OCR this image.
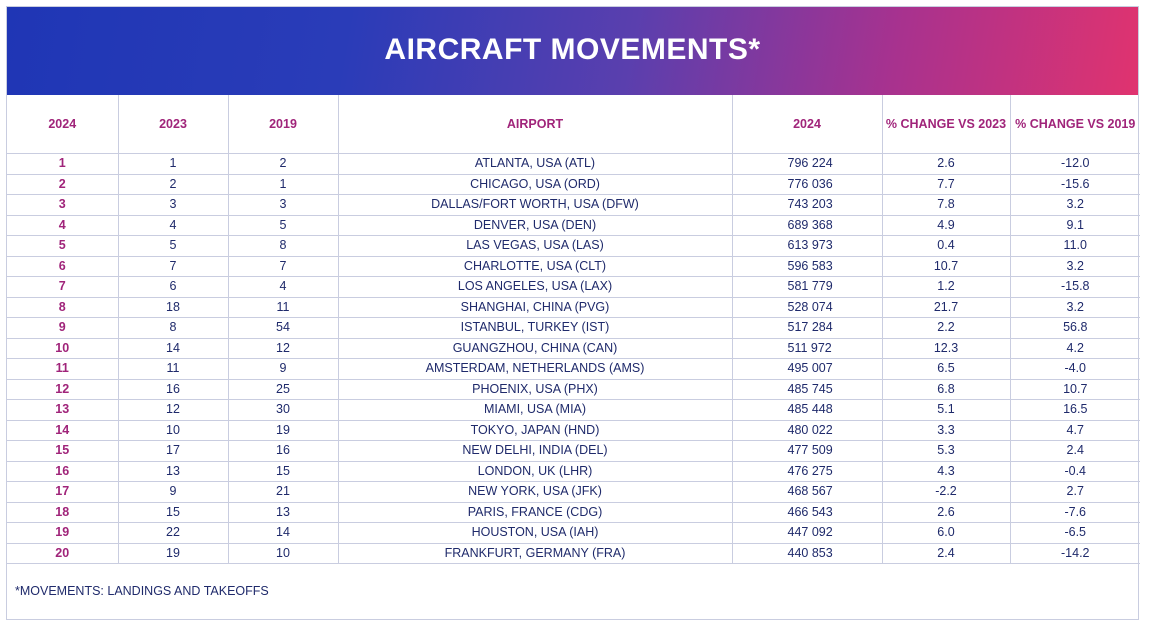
AIRCRAFT MOVEMENTS*
2024	2023	2019	AIRPORT	2024	% CHANGE VS 2023	% CHANGE VS 2019
1	1	2	ATLANTA, USA (ATL)	796 224	2.6	-12.0
2	2	1	CHICAGO, USA (ORD)	776 036	7.7	-15.6
3	3	3	DALLAS/FORT WORTH, USA (DFW)	743 203	7.8	3.2
4	4	5	DENVER, USA (DEN)	689 368	4.9	9.1
5	5	8	LAS VEGAS, USA (LAS)	613 973	0.4	11.0
6	7	7	CHARLOTTE, USA (CLT)	596 583	10.7	3.2
7	6	4	LOS ANGELES, USA (LAX)	581 779	1.2	-15.8
8	18	11	SHANGHAI, CHINA (PVG)	528 074	21.7	3.2
9	8	54	ISTANBUL, TURKEY (IST)	517 284	2.2	56.8
10	14	12	GUANGZHOU, CHINA (CAN)	511 972	12.3	4.2
11	11	9	AMSTERDAM, NETHERLANDS (AMS)	495 007	6.5	-4.0
12	16	25	PHOENIX, USA (PHX)	485 745	6.8	10.7
13	12	30	MIAMI, USA (MIA)	485 448	5.1	16.5
14	10	19	TOKYO, JAPAN (HND)	480 022	3.3	4.7
15	17	16	NEW DELHI, INDIA (DEL)	477 509	5.3	2.4
16	13	15	LONDON, UK (LHR)	476 275	4.3	-0.4
17	9	21	NEW YORK, USA (JFK)	468 567	-2.2	2.7
18	15	13	PARIS, FRANCE (CDG)	466 543	2.6	-7.6
19	22	14	HOUSTON, USA (IAH)	447 092	6.0	-6.5
20	19	10	FRANKFURT, GERMANY (FRA)	440 853	2.4	-14.2
*MOVEMENTS: LANDINGS AND TAKEOFFS
